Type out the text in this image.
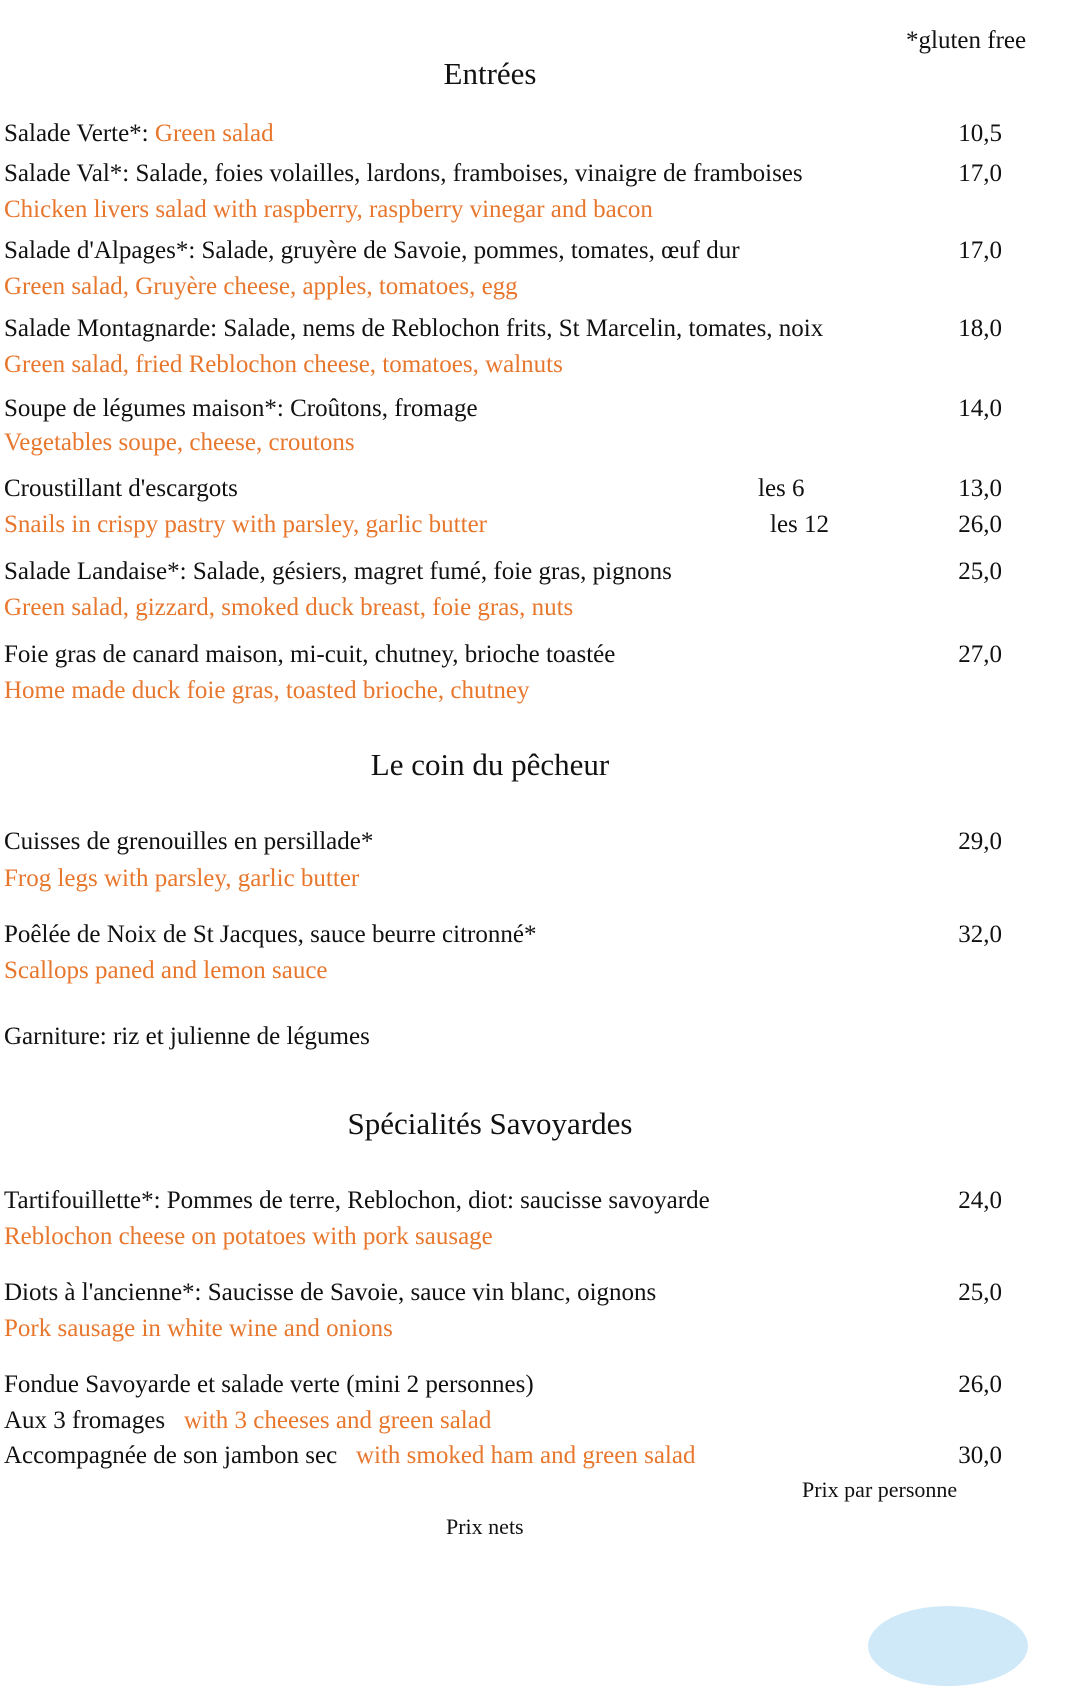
*gluten free
Entrées
Salade Verte*: Green salad	10,5
Salade Val*: Salade, foies volailles, lardons, framboises, vinaigre de framboises	17,0
Chicken livers salad with raspberry, raspberry vinegar and bacon
Salade d'Alpages*: Salade, gruyère de Savoie, pommes, tomates, œuf dur	17,0
Green salad, Gruyère cheese, apples, tomatoes, egg
Salade Montagnarde: Salade, nems de Reblochon frits, St Marcelin, tomates, noix	18,0
Green salad, fried Reblochon cheese, tomatoes, walnuts
Soupe de légumes maison*: Croûtons, fromage	14,0
Vegetables soupe, cheese, croutons
Croustillant d'escargots	les 6	13,0
Snails in crispy pastry with parsley, garlic butter	les 12	26,0
Salade Landaise*: Salade, gésiers, magret fumé, foie gras, pignons	25,0
Green salad, gizzard, smoked duck breast, foie gras, nuts
Foie gras de canard maison, mi-cuit, chutney, brioche toastée	27,0
Home made duck foie gras, toasted brioche, chutney
Le coin du pêcheur
Cuisses de grenouilles en persillade*	29,0
Frog legs with parsley, garlic butter
Poêlée de Noix de St Jacques, sauce beurre citronné*	32,0
Scallops paned and lemon sauce
Garniture: riz et julienne de légumes
Spécialités Savoyardes
Tartifouillette*: Pommes de terre, Reblochon, diot: saucisse savoyarde	24,0
Reblochon cheese on potatoes with pork sausage
Diots à l'ancienne*: Saucisse de Savoie, sauce vin blanc, oignons	25,0
Pork sausage in white wine and onions
Fondue Savoyarde et salade verte (mini 2 personnes)	26,0
Aux 3 fromages with 3 cheeses and green salad
Accompagnée de son jambon sec with smoked ham and green salad	30,0
Prix par personne
Prix nets
